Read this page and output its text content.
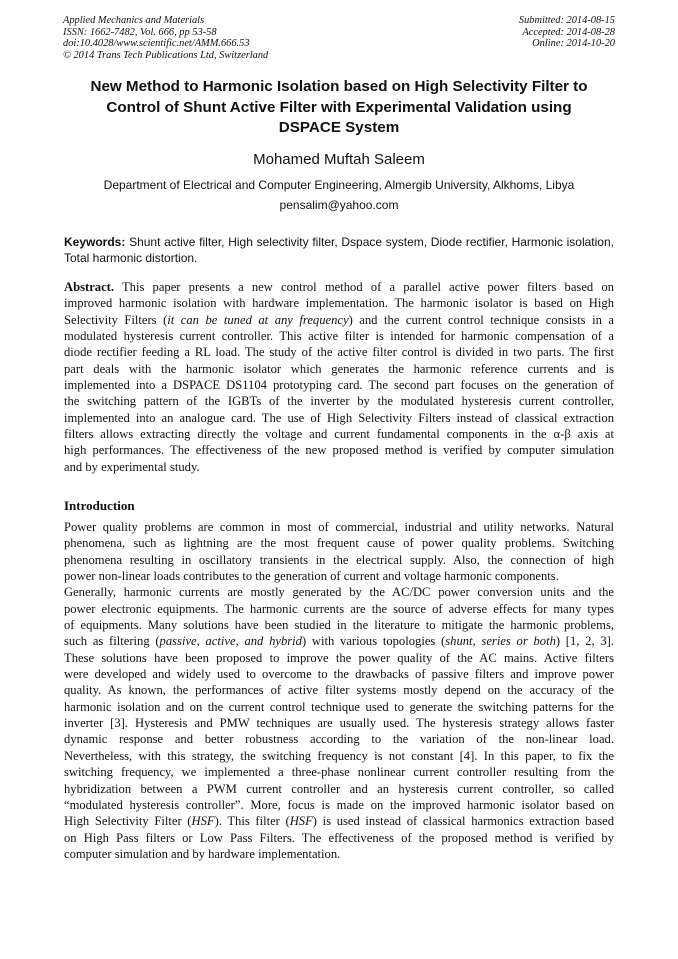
Applied Mechanics and Materials
ISSN: 1662-7482, Vol. 666, pp 53-58
doi:10.4028/www.scientific.net/AMM.666.53
© 2014 Trans Tech Publications Ltd, Switzerland
Submitted: 2014-08-15
Accepted: 2014-08-28
Online: 2014-10-20
New Method to Harmonic Isolation based on High Selectivity Filter to
Control of Shunt Active Filter with Experimental Validation using
DSPACE System
Mohamed Muftah Saleem
Department of Electrical and Computer Engineering, Almergib University, Alkhoms, Libya
pensalim@yahoo.com
Keywords: Shunt active filter, High selectivity filter, Dspace system, Diode rectifier, Harmonic isolation, Total harmonic distortion.
Abstract. This paper presents a new control method of a parallel active power filters based on
improved harmonic isolation with hardware implementation. The harmonic isolator is based on High
Selectivity Filters (it can be tuned at any frequency) and the current control technique consists in a
modulated hysteresis current controller. This active filter is intended for harmonic compensation of a
diode rectifier feeding a RL load. The study of the active filter control is divided in two parts. The first
part deals with the harmonic isolator which generates the harmonic reference currents and is
implemented into a DSPACE DS1104 prototyping card. The second part focuses on the generation of
the switching pattern of the IGBTs of the inverter by the modulated hysteresis current controller,
implemented into an analogue card. The use of High Selectivity Filters instead of classical extraction
filters allows extracting directly the voltage and current fundamental components in the α-β axis at
high performances. The effectiveness of the new proposed method is verified by computer simulation
and by experimental study.
Introduction
Power quality problems are common in most of commercial, industrial and utility networks. Natural
phenomena, such as lightning are the most frequent cause of power quality problems. Switching
phenomena resulting in oscillatory transients in the electrical supply. Also, the connection of high
power non-linear loads contributes to the generation of current and voltage harmonic components.
Generally, harmonic currents are mostly generated by the AC/DC power conversion units and the
power electronic equipments. The harmonic currents are the source of adverse effects for many types
of equipments. Many solutions have been studied in the literature to mitigate the harmonic problems,
such as filtering (passive, active, and hybrid) with various topologies (shunt, series or both) [1, 2, 3].
These solutions have been proposed to improve the power quality of the AC mains. Active filters
were developed and widely used to overcome to the drawbacks of passive filters and improve power
quality. As known, the performances of active filter systems mostly depend on the accuracy of the
harmonic isolation and on the current control technique used to generate the switching patterns for the
inverter [3]. Hysteresis and PMW techniques are usually used. The hysteresis strategy allows faster
dynamic response and better robustness according to the variation of the non-linear load.
Nevertheless, with this strategy, the switching frequency is not constant [4]. In this paper, to fix the
switching frequency, we implemented a three-phase nonlinear current controller resulting from the
hybridization between a PWM current controller and an hysteresis current controller, so called
“modulated hysteresis controller”. More, focus is made on the improved harmonic isolator based on
High Selectivity Filter (HSF). This filter (HSF) is used instead of classical harmonics extraction based
on High Pass filters or Low Pass Filters. The effectiveness of the proposed method is verified by
computer simulation and by hardware implementation.
